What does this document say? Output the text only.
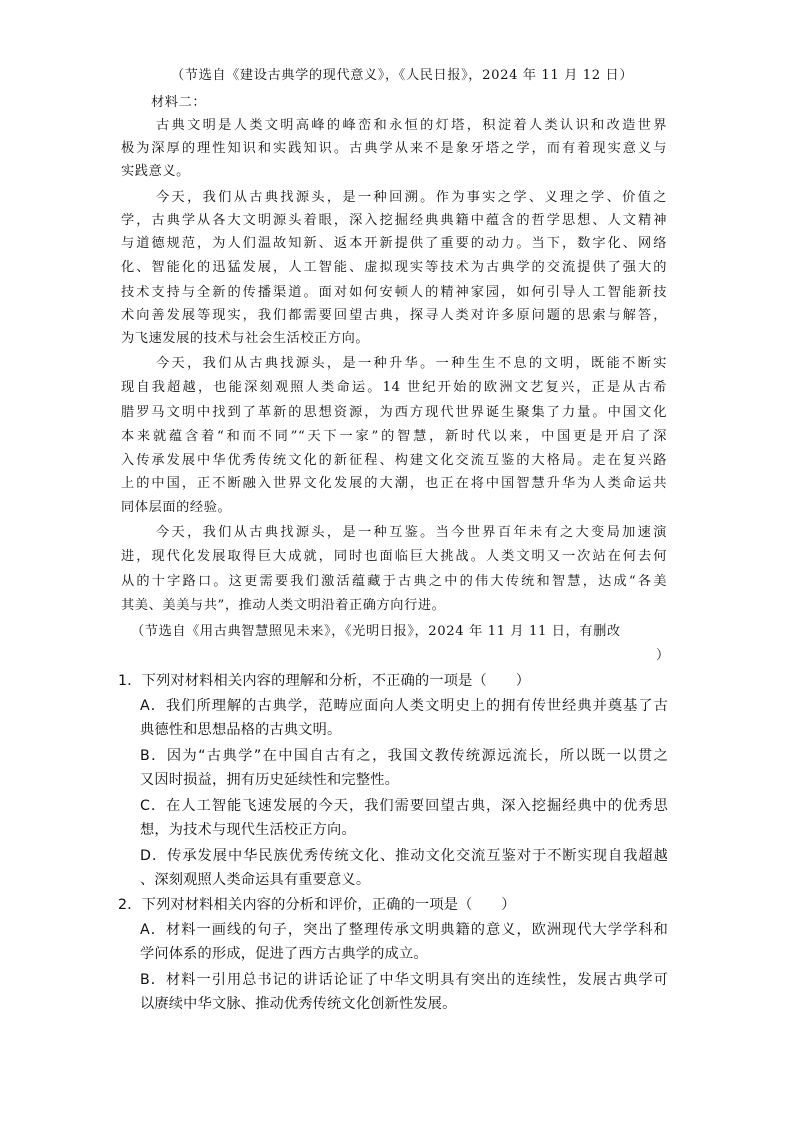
（节选自《建设古典学的现代意义》，《人民日报》，2024 年 11 月 12 日）
材料二：
古典文明是人类文明高峰的峰峦和永恒的灯塔，积淀着人类认识和改造世界
极为深厚的理性知识和实践知识。古典学从来不是象牙塔之学，而有着现实意义与
实践意义。
今天，我们从古典找源头，是一种回溯。作为事实之学、义理之学、价值之
学，古典学从各大文明源头着眼，深入挖掘经典典籍中蕴含的哲学思想、人文精神
与道德规范，为人们温故知新、返本开新提供了重要的动力。当下，数字化、网络
化、智能化的迅猛发展，人工智能、虚拟现实等技术为古典学的交流提供了强大的
技术支持与全新的传播渠道。面对如何安顿人的精神家园，如何引导人工智能新技
术向善发展等现实，我们都需要回望古典，探寻人类对许多原问题的思索与解答，
为飞速发展的技术与社会生活校正方向。
今天，我们从古典找源头，是一种升华。一种生生不息的文明，既能不断实
现自我超越，也能深刻观照人类命运。14 世纪开始的欧洲文艺复兴，正是从古希
腊罗马文明中找到了革新的思想资源，为西方现代世界诞生聚集了力量。中国文化
本来就蕴含着“和而不同”“天下一家”的智慧，新时代以来，中国更是开启了深
入传承发展中华优秀传统文化的新征程、构建文化交流互鉴的大格局。走在复兴路
上的中国，正不断融入世界文化发展的大潮，也正在将中国智慧升华为人类命运共
同体层面的经验。
今天，我们从古典找源头，是一种互鉴。当今世界百年未有之大变局加速演
进，现代化发展取得巨大成就，同时也面临巨大挑战。人类文明又一次站在何去何
从的十字路口。这更需要我们激活蕴藏于古典之中的伟大传统和智慧，达成“各美
其美、美美与共”，推动人类文明沿着正确方向行进。
（节选自《用古典智慧照见未来》，《光明日报》，2024 年 11 月 11 日，有删改
）
1．下列对材料相关内容的理解和分析，不正确的一项是（　　）
A．我们所理解的古典学，范畴应面向人类文明史上的拥有传世经典并奠基了古
典德性和思想品格的古典文明。
B．因为“古典学”在中国自古有之，我国文教传统源远流长，所以既一以贯之
又因时损益，拥有历史延续性和完整性。
C．在人工智能飞速发展的今天，我们需要回望古典，深入挖掘经典中的优秀思
想，为技术与现代生活校正方向。
D．传承发展中华民族优秀传统文化、推动文化交流互鉴对于不断实现自我超越
、深刻观照人类命运具有重要意义。
2．下列对材料相关内容的分析和评价，正确的一项是（　　）
A．材料一画线的句子，突出了整理传承文明典籍的意义，欧洲现代大学学科和
学问体系的形成，促进了西方古典学的成立。
B．材料一引用总书记的讲话论证了中华文明具有突出的连续性，发展古典学可
以赓续中华文脉、推动优秀传统文化创新性发展。
